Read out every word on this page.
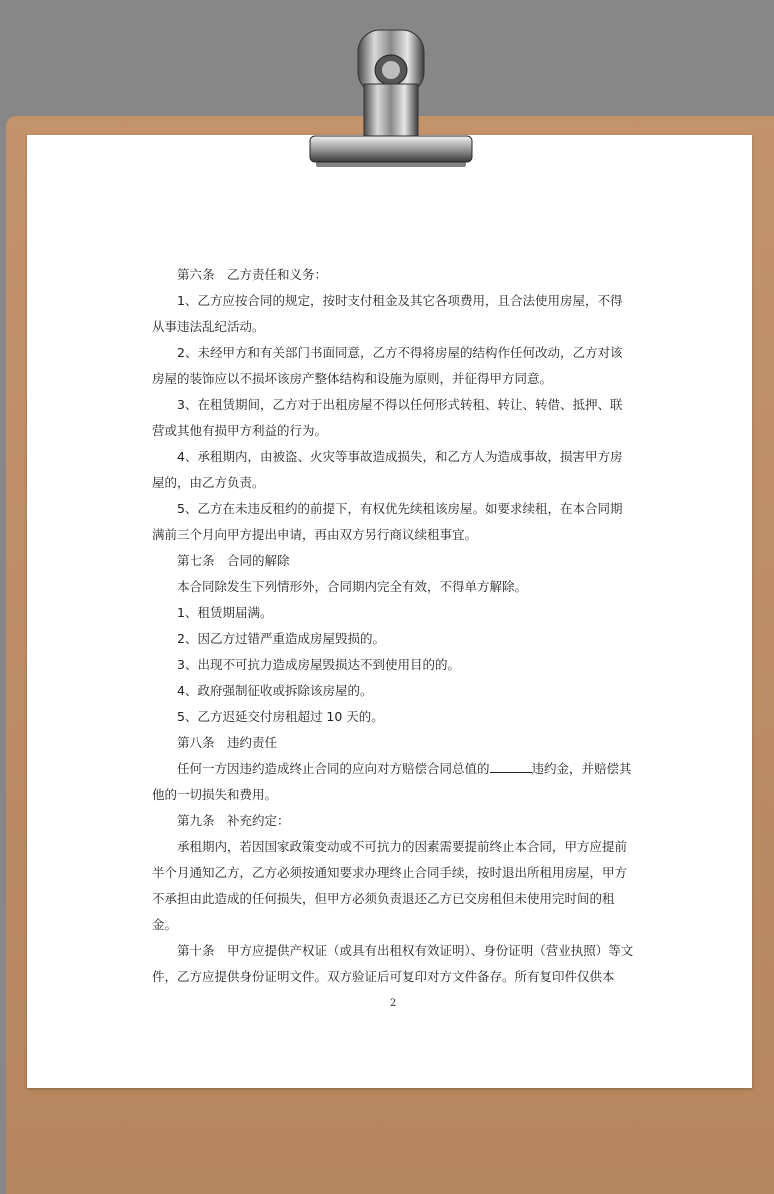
第六条　乙方责任和义务：

1、乙方应按合同的规定，按时支付租金及其它各项费用，且合法使用房屋，不得从事违法乱纪活动。

2、未经甲方和有关部门书面同意，乙方不得将房屋的结构作任何改动，乙方对该房屋的装饰应以不损坏该房产整体结构和设施为原则，并征得甲方同意。

3、在租赁期间，乙方对于出租房屋不得以任何形式转租、转让、转借、抵押、联营或其他有损甲方利益的行为。

4、承租期内，由被盗、火灾等事故造成损失，和乙方人为造成事故，损害甲方房屋的，由乙方负责。

5、乙方在未违反租约的前提下，有权优先续租该房屋。如要求续租，在本合同期满前三个月向甲方提出申请，再由双方另行商议续租事宜。

第七条　合同的解除

本合同除发生下列情形外，合同期内完全有效，不得单方解除。

1、租赁期届满。

2、因乙方过错严重造成房屋毁损的。

3、出现不可抗力造成房屋毁损达不到使用目的的。

4、政府强制征收或拆除该房屋的。

5、乙方迟延交付房租超过 10 天的。

第八条　违约责任

任何一方因违约造成终止合同的应向对方赔偿合同总值的	违约金，并赔偿其他的一切损失和费用。

第九条　补充约定：

承租期内，若因国家政策变动或不可抗力的因素需要提前终止本合同，甲方应提前半个月通知乙方，乙方必须按通知要求办理终止合同手续，按时退出所租用房屋，甲方不承担由此造成的任何损失，但甲方必须负责退还乙方已交房租但未使用完时间的租金。

第十条　甲方应提供产权证（或具有出租权有效证明）、身份证明（营业执照）等文件，乙方应提供身份证明文件。双方验证后可复印对方文件备存。所有复印件仅供本

2
